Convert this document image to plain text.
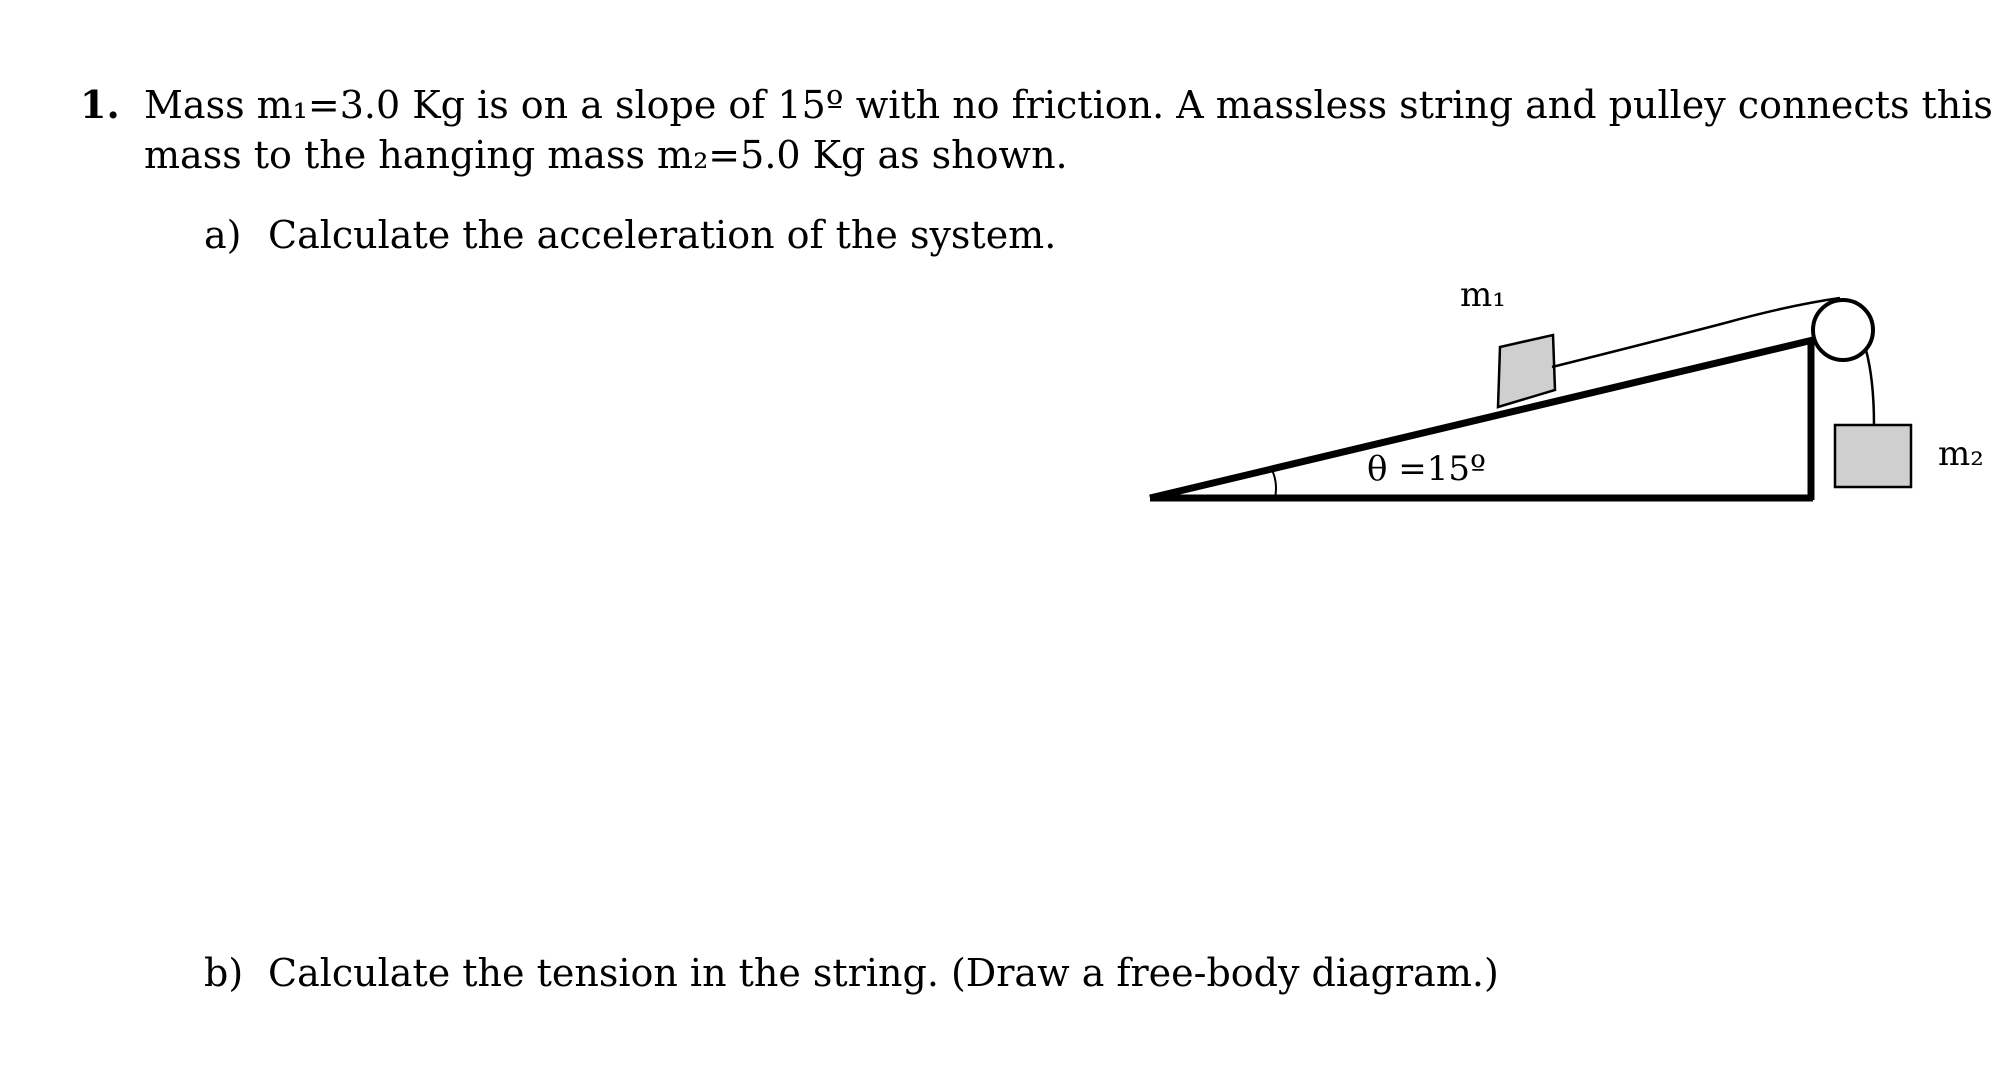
1. Mass m₁=3.0 Kg is on a slope of 15º with no friction. A massless string and pulley connects this
mass to the hanging mass m₂=5.0 Kg as shown.
a) Calculate the acceleration of the system.
m₁
m₂
θ =15º
b) Calculate the tension in the string. (Draw a free-body diagram.)
